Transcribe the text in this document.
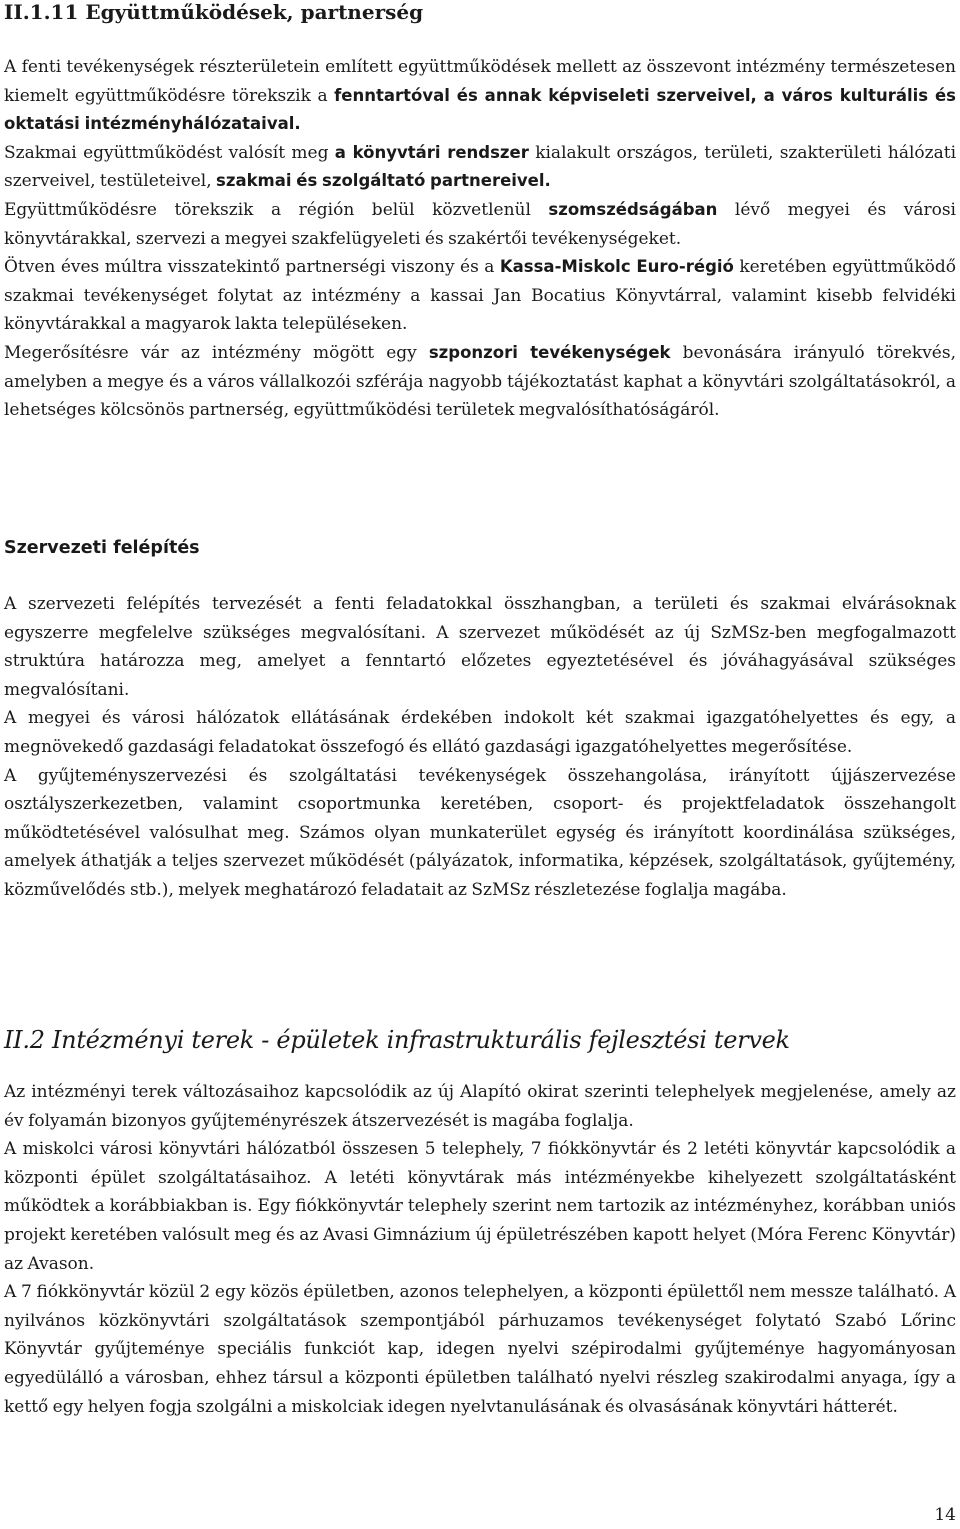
II.1.11 Együttműködések, partnerség

A fenti tevékenységek részterületein említett együttműködések mellett az összevont intézmény természetesen kiemelt együttműködésre törekszik a fenntartóval és annak képviseleti szerveivel, a város kulturális és oktatási intézményhálózataival.

Szakmai együttműködést valósít meg a könyvtári rendszer kialakult országos, területi, szakterületi hálózati szerveivel, testületeivel, szakmai és szolgáltató partnereivel.

Együttműködésre törekszik a régión belül közvetlenül szomszédságában lévő megyei és városi könyvtárakkal, szervezi a megyei szakfelügyeleti és szakértői tevékenységeket.

Ötven éves múltra visszatekintő partnerségi viszony és a Kassa-Miskolc Euro-régió keretében együttműködő szakmai tevékenységet folytat az intézmény a kassai Jan Bocatius Könyvtárral, valamint kisebb felvidéki könyvtárakkal a magyarok lakta településeken.

Megerősítésre vár az intézmény mögött egy szponzori tevékenységek bevonására irányuló törekvés, amelyben a megye és a város vállalkozói szférája nagyobb tájékoztatást kaphat a könyvtári szolgáltatásokról, a lehetséges kölcsönös partnerség, együttműködési területek megvalósíthatóságáról.

Szervezeti felépítés

A szervezeti felépítés tervezését a fenti feladatokkal összhangban, a területi és szakmai elvárásoknak egyszerre megfelelve szükséges megvalósítani. A szervezet működését az új SzMSz-ben megfogalmazott struktúra határozza meg, amelyet a fenntartó előzetes egyeztetésével és jóváhagyásával szükséges megvalósítani.

A megyei és városi hálózatok ellátásának érdekében indokolt két szakmai igazgatóhelyettes és egy, a megnövekedő gazdasági feladatokat összefogó és ellátó gazdasági igazgatóhelyettes megerősítése.

A gyűjteményszervezési és szolgáltatási tevékenységek összehangolása, irányított újjászervezése osztályszerkezetben, valamint csoportmunka keretében, csoport- és projektfeladatok összehangolt működtetésével valósulhat meg. Számos olyan munkaterület egység és irányított koordinálása szükséges, amelyek áthatják a teljes szervezet működését (pályázatok, informatika, képzések, szolgáltatások, gyűjtemény, közművelődés stb.), melyek meghatározó feladatait az SzMSz részletezése foglalja magába.

II.2 Intézményi terek - épületek infrastrukturális fejlesztési tervek

Az intézményi terek változásaihoz kapcsolódik az új Alapító okirat szerinti telephelyek megjelenése, amely az év folyamán bizonyos gyűjteményrészek átszervezését is magába foglalja.

A miskolci városi könyvtári hálózatból összesen 5 telephely, 7 fiókkönyvtár és 2 letéti könyvtár kapcsolódik a központi épület szolgáltatásaihoz. A letéti könyvtárak más intézményekbe kihelyezett szolgáltatásként működtek a korábbiakban is. Egy fiókkönyvtár telephely szerint nem tartozik az intézményhez, korábban uniós projekt keretében valósult meg és az Avasi Gimnázium új épületrészében kapott helyet (Móra Ferenc Könyvtár) az Avason.

A 7 fiókkönyvtár közül 2 egy közös épületben, azonos telephelyen, a központi épülettől nem messze található. A nyilvános közkönyvtári szolgáltatások szempontjából párhuzamos tevékenységet folytató Szabó Lőrinc Könyvtár gyűjteménye speciális funkciót kap, idegen nyelvi szépirodalmi gyűjteménye hagyományosan egyedülálló a városban, ehhez társul a központi épületben található nyelvi részleg szakirodalmi anyaga, így a kettő egy helyen fogja szolgálni a miskolciak idegen nyelvtanulásának és olvasásának könyvtári hátterét.

14
